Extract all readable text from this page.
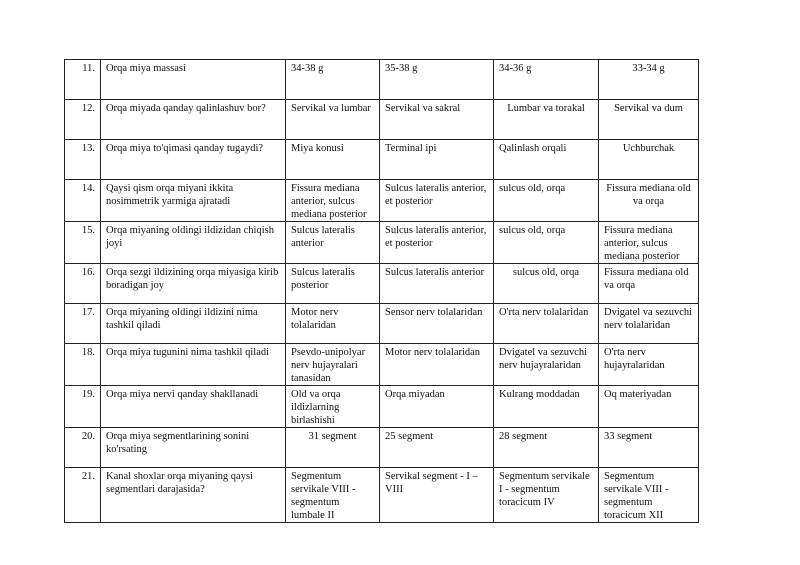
11.	Orqa miya massasi	34-38 g	35-38 g	34-36 g	33-34 g
12.	Orqa miyada qanday qalinlashuv bor?	Servikal va lumbar	Servikal va sakral	Lumbar va torakal	Servikal va dum
13.	Orqa miya to'qimasi qanday tugaydi?	Miya konusi	Terminal ipi	Qalinlash orqali	Uchburchak
14.	Qaysi qism orqa miyani ikkita nosimmetrik yarmiga ajratadi	Fissura mediana anterior, sulcus mediana posterior	Sulcus lateralis anterior, et posterior	sulcus old, orqa	Fissura mediana old va orqa
15.	Orqa miyaning oldingi ildizidan chiqish joyi	Sulcus lateralis anterior	Sulcus lateralis anterior, et posterior	sulcus old, orqa	Fissura mediana anterior, sulcus mediana posterior
16.	Orqa sezgi ildizining orqa miyasiga kirib boradigan joy	Sulcus lateralis posterior	Sulcus lateralis anterior	sulcus old, orqa	Fissura mediana old va orqa
17.	Orqa miyaning oldingi ildizini nima tashkil qiladi	Motor nerv tolalaridan	Sensor nerv tolalaridan	O'rta nerv tolalaridan	Dvigatel va sezuvchi nerv tolalaridan
18.	Orqa miya tugunini nima tashkil qiladi	Psevdo-unipolyar nerv hujayralari tanasidan	Motor nerv tolalaridan	Dvigatel va sezuvchi nerv hujayralaridan	O'rta nerv hujayralaridan
19.	Orqa miya nervi qanday shakllanadi	Old va orqa ildizlarning birlashishi	Orqa miyadan	Kulrang moddadan	Oq materiyadan
20.	Orqa miya segmentlarining sonini ko'rsating	31 segment	25 segment	28 segment	33 segment
21.	Kanal shoxlar orqa miyaning qaysi segmentlari darajasida?	Segmentum servikale VIII - segmentum lumbale II	Servikal segment - I – VIII	Segmentum servikale I - segmentum toracicum IV	Segmentum servikale VIII - segmentum toracicum XII
